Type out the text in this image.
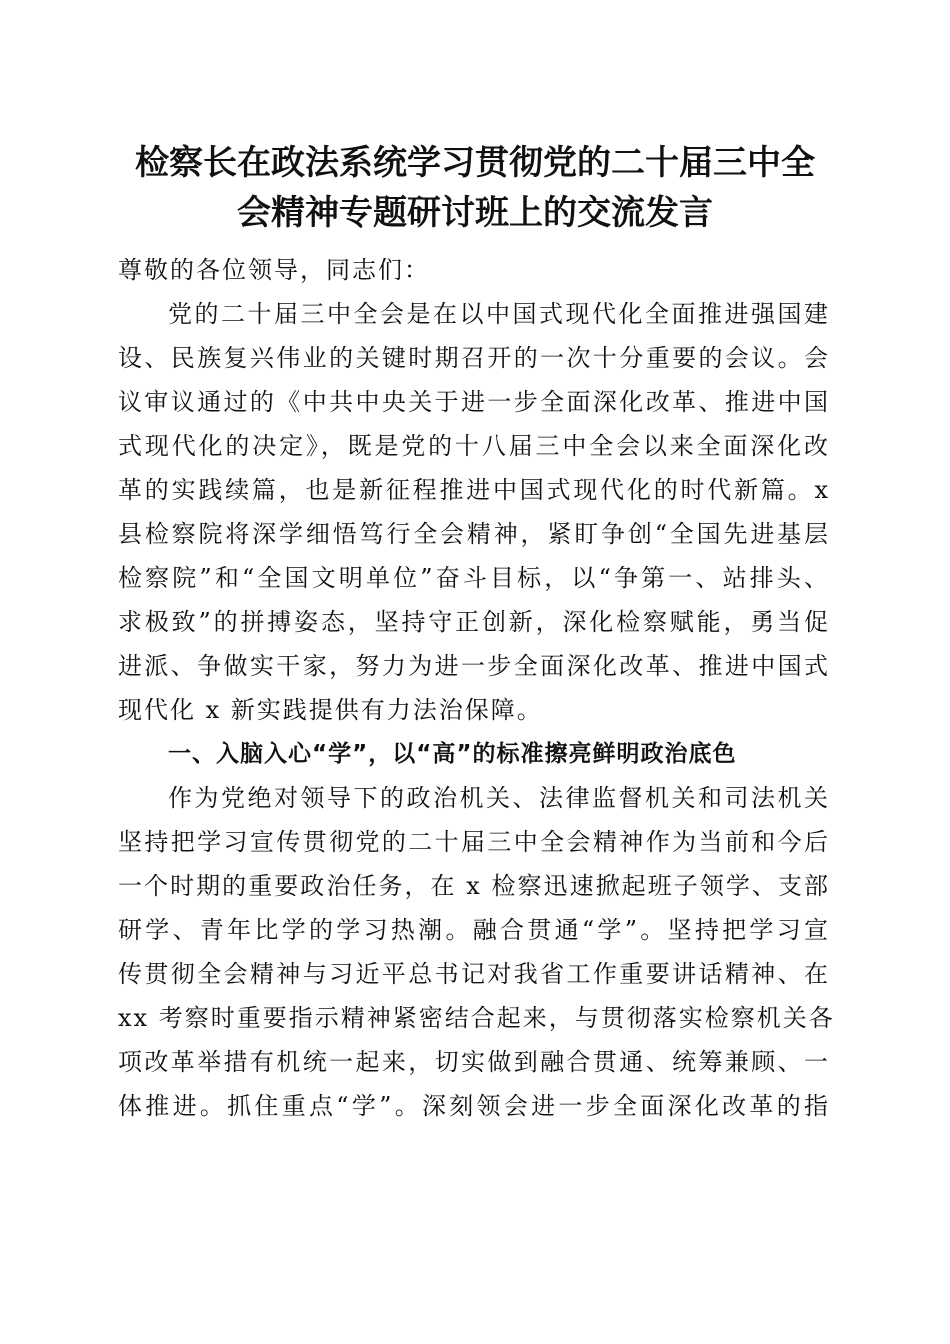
检察长在政法系统学习贯彻党的二十届三中全
会精神专题研讨班上的交流发言
尊敬的各位领导，同志们：
党的二十届三中全会是在以中国式现代化全面推进强国建
设、民族复兴伟业的关键时期召开的一次十分重要的会议。会
议审议通过的《中共中央关于进一步全面深化改革、推进中国
式现代化的决定》，既是党的十八届三中全会以来全面深化改
革的实践续篇，也是新征程推进中国式现代化的时代新篇。x
县检察院将深学细悟笃行全会精神，紧盯争创“全国先进基层
检察院”和“全国文明单位”奋斗目标，以“争第一、站排头、
求极致”的拼搏姿态，坚持守正创新，深化检察赋能，勇当促
进派、争做实干家，努力为进一步全面深化改革、推进中国式
现代化 x 新实践提供有力法治保障。
一、入脑入心“学”，以“高”的标准擦亮鲜明政治底色
作为党绝对领导下的政治机关、法律监督机关和司法机关
坚持把学习宣传贯彻党的二十届三中全会精神作为当前和今后
一个时期的重要政治任务，在 x 检察迅速掀起班子领学、支部
研学、青年比学的学习热潮。融合贯通“学”。坚持把学习宣
传贯彻全会精神与习近平总书记对我省工作重要讲话精神、在
xx 考察时重要指示精神紧密结合起来，与贯彻落实检察机关各
项改革举措有机统一起来，切实做到融合贯通、统筹兼顾、一
体推进。抓住重点“学”。深刻领会进一步全面深化改革的指
